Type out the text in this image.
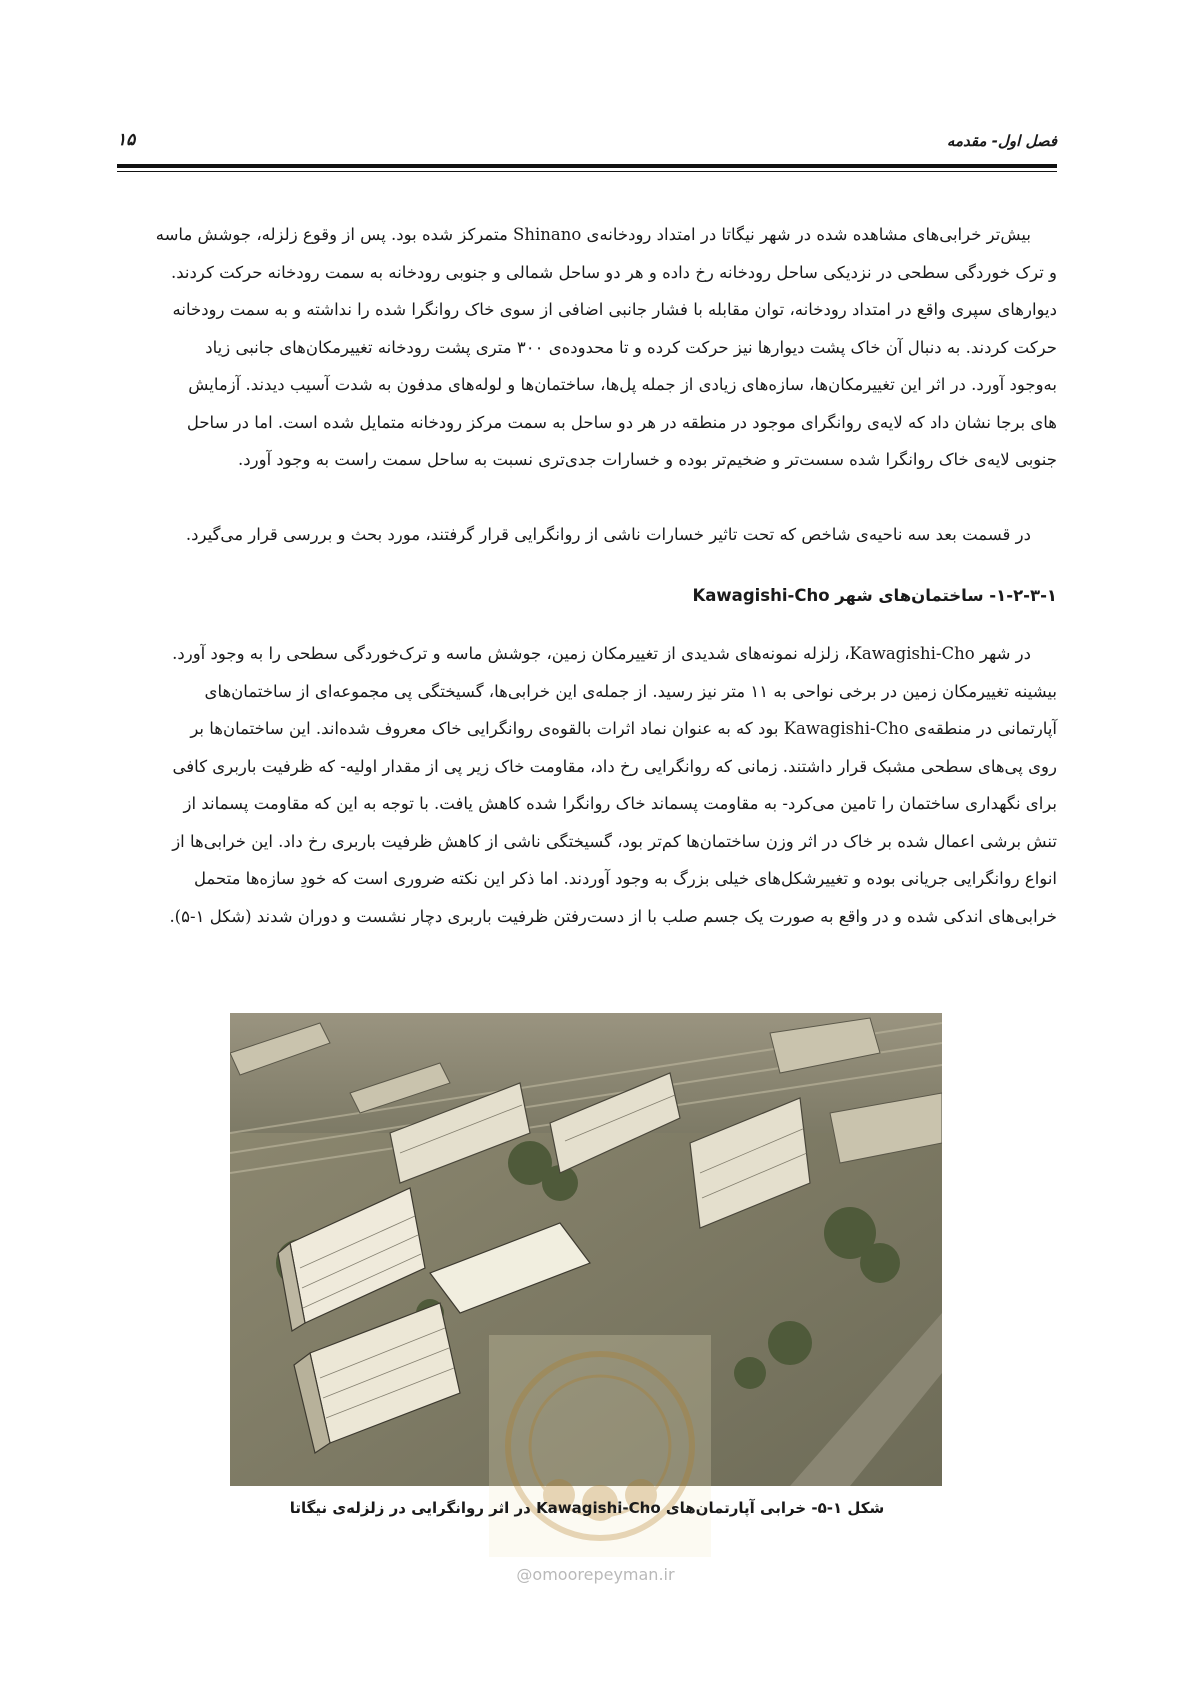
فصل اول- مقدمه
۱۵

بیش‌تر خرابی‌های مشاهده شده در شهر نیگاتا در امتداد رودخانه‌ی Shinano متمرکز شده بود. پس از وقوع زلزله، جوشش ماسه

و ترک خوردگی سطحی در نزدیکی ساحل رودخانه رخ داده و هر دو ساحل شمالی و جنوبی رودخانه به سمت رودخانه حرکت کردند.

دیوارهای سپری واقع در امتداد رودخانه، توان مقابله با فشار جانبی اضافی از سوی خاک روانگرا شده را نداشته و به سمت رودخانه

حرکت کردند. به دنبال آن خاک پشت دیوارها نیز حرکت کرده و تا محدوده‌ی ۳۰۰ متری پشت رودخانه تغییرمکان‌های جانبی زیاد

به‌وجود آورد. در اثر این تغییرمکان‌ها، سازه‌های زیادی از جمله پل‌ها، ساختمان‌ها و لوله‌های مدفون به شدت آسیب دیدند. آزمایش

های برجا نشان داد که لایه‌ی روانگرای موجود در منطقه در هر دو ساحل به سمت مرکز رودخانه متمایل شده است. اما در ساحل

جنوبی لایه‌ی خاک روانگرا شده سست‌تر و ضخیم‌تر بوده و خسارات جدی‌تری نسبت به ساحل سمت راست به وجود آورد.

در قسمت بعد سه ناحیه‌ی شاخص که تحت تاثیر خسارات ناشی از روانگرایی قرار گرفتند، مورد بحث و بررسی قرار می‌گیرد.

۱-۲-۳-۱- ساختمان‌های شهر Kawagishi-Cho

در شهر Kawagishi-Cho، زلزله نمونه‌های شدیدی از تغییرمکان زمین، جوشش ماسه و ترک‌خوردگی سطحی را به وجود آورد.

بیشینه تغییرمکان زمین در برخی نواحی به ۱۱ متر نیز رسید. از جمله‌ی این خرابی‌ها، گسیختگی پی مجموعه‌ای از ساختمان‌های

آپارتمانی در منطقه‌ی Kawagishi-Cho بود که به عنوان نماد اثرات بالقوه‌ی روانگرایی خاک معروف شده‌اند. این ساختمان‌ها بر

روی پی‌های سطحی مشبک قرار داشتند. زمانی که روانگرایی رخ داد، مقاومت خاک زیر پی از مقدار اولیه- که ظرفیت باربری کافی

برای نگهداری ساختمان را تامین می‌کرد- به مقاومت پسماند خاک روانگرا شده کاهش یافت. با توجه به این که مقاومت پسماند از

تنش برشی اعمال شده بر خاک در اثر وزن ساختمان‌ها کم‌تر بود، گسیختگی ناشی از کاهش ظرفیت باربری رخ داد. این خرابی‌ها از

انواع روانگرایی جریانی بوده و تغییرشکل‌های خیلی بزرگ به وجود آوردند. اما ذکر این نکته ضروری است که خودِ سازه‌ها متحمل

خرابی‌های اندکی شده و در واقع به صورت یک جسم صلب با از دست‌رفتن ظرفیت باربری دچار نشست و دوران شدند (شکل ۱-۵).

شکل ۱-۵- خرابی آپارتمان‌های Kawagishi-Cho در اثر روانگرایی در زلزله‌ی نیگاتا
@omoorepeyman.ir
